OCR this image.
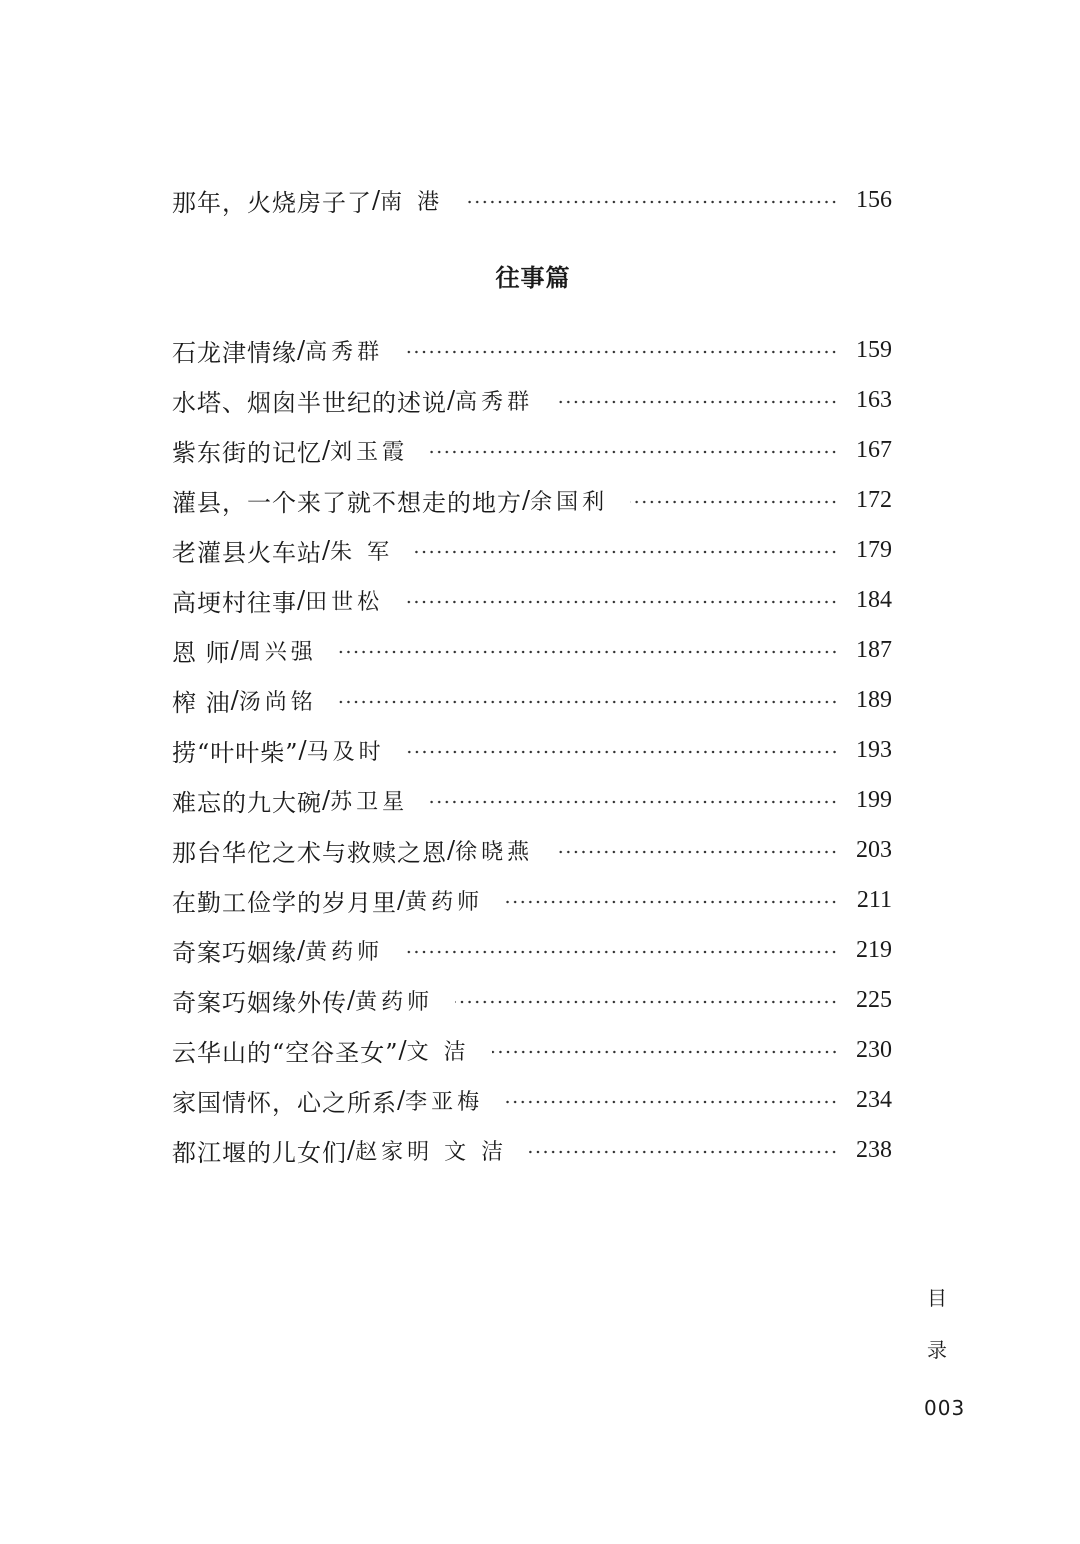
那年，火烧房子了 / 南 港	156
往事篇
石龙津情缘 / 高秀群	159
水塔、烟囱半世纪的述说 / 高秀群	163
紫东街的记忆 / 刘玉霞	167
灌县，一个来了就不想走的地方 / 余国利	172
老灌县火车站 / 朱 军	179
高埂村往事 / 田世松	184
恩 师 / 周兴强	187
榨 油 / 汤尚铭	189
捞“叶叶柴” / 马及时	193
难忘的九大碗 / 苏卫星	199
那台华佗之术与救赎之恩 / 徐晓燕	203
在勤工俭学的岁月里 / 黄药师	211
奇案巧姻缘 / 黄药师	219
奇案巧姻缘外传 / 黄药师	225
云华山的“空谷圣女” / 文 洁	230
家国情怀，心之所系 / 李亚梅	234
都江堰的儿女们 / 赵家明 文 洁	238
目
录
003
